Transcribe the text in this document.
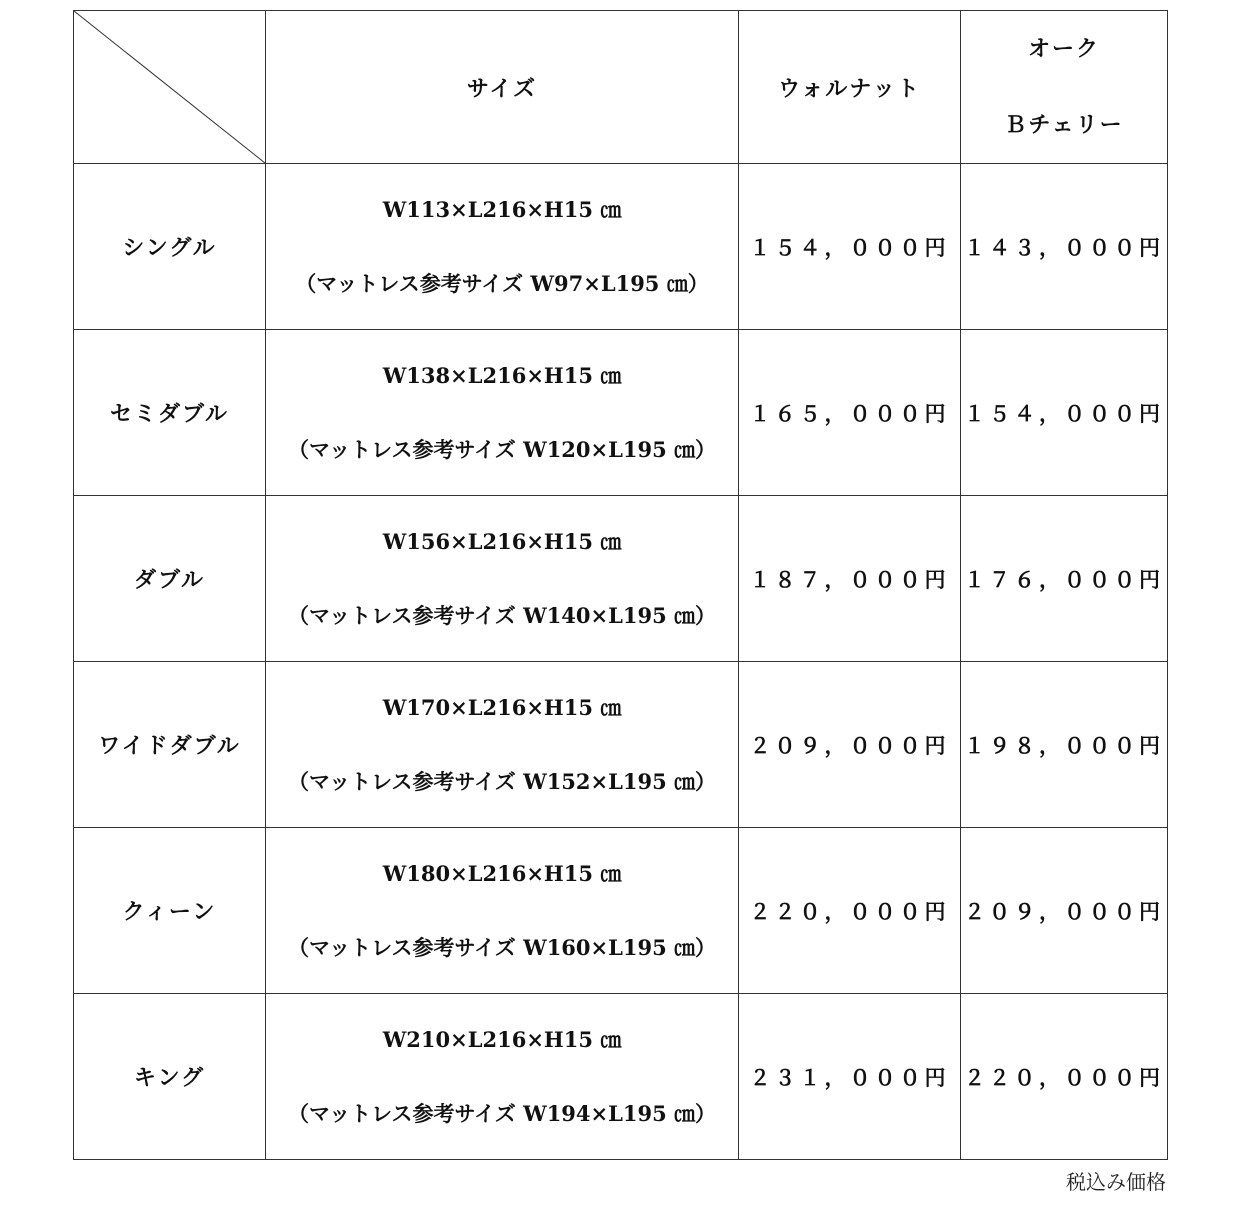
	サイズ	ウォルナット	オーク
Ｂチェリー

シングル	W113×L216×H15 ㎝
（マットレス参考サイズ W97×L195 ㎝）	１５４，０００円	１４３，０００円
セミダブル	W138×L216×H15 ㎝
（マットレス参考サイズ W120×L195 ㎝）	１６５，０００円	１５４，０００円
ダブル	W156×L216×H15 ㎝
（マットレス参考サイズ W140×L195 ㎝）	１８７，０００円	１７６，０００円
ワイドダブル	W170×L216×H15 ㎝
（マットレス参考サイズ W152×L195 ㎝）	２０９，０００円	１９８，０００円
クィーン	W180×L216×H15 ㎝
（マットレス参考サイズ W160×L195 ㎝）	２２０，０００円	２０９，０００円
キング	W210×L216×H15 ㎝
（マットレス参考サイズ W194×L195 ㎝）	２３１，０００円	２２０，０００円
税込み価格
